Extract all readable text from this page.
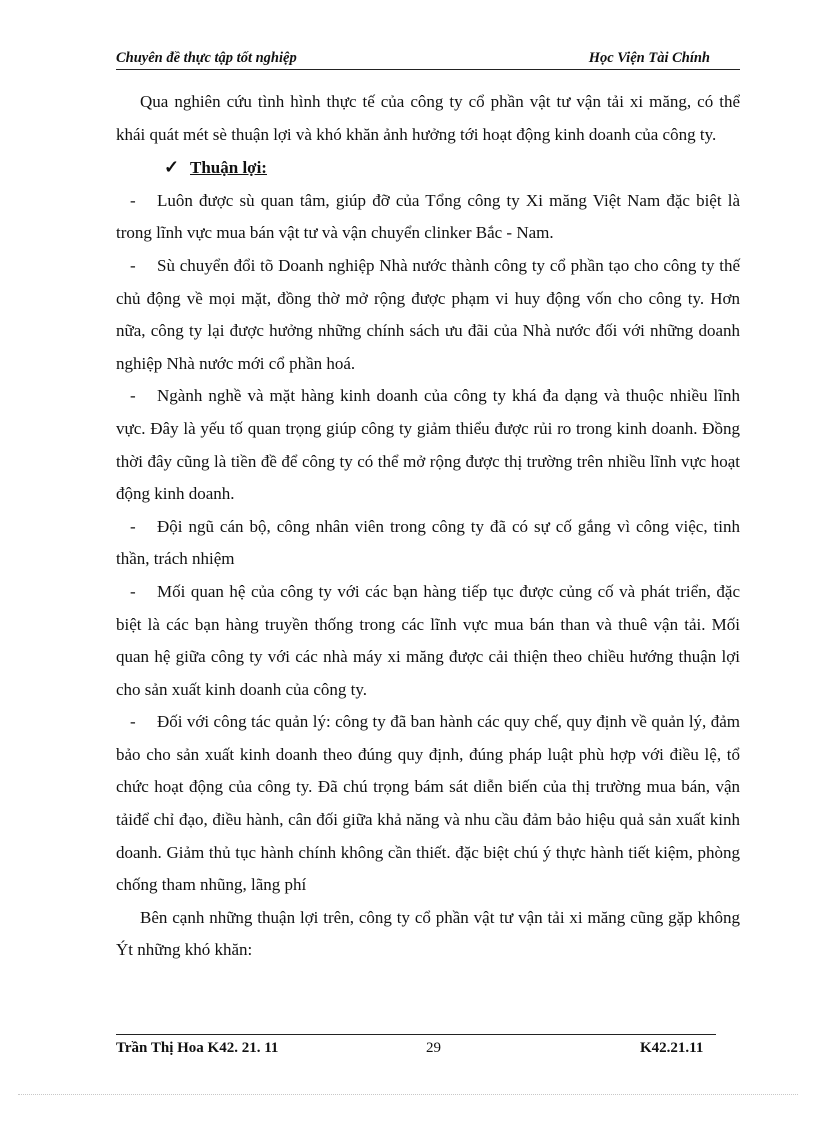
Chuyên đề thực tập tốt nghiệp	Học Viện Tài Chính

Qua nghiên cứu tình hình thực tế của công ty cổ phần vật tư vận tải xi măng, có thể khái quát mét sè thuận lợi và khó khăn ảnh hưởng tới hoạt động kinh doanh của công ty.

✓ Thuận lợi:

- Luôn được sù quan tâm, giúp đỡ của Tổng công ty Xi măng Việt Nam đặc biệt là trong lĩnh vực mua bán vật tư và vận chuyển clinker Bắc - Nam.

- Sù chuyển đổi tõ Doanh nghiệp Nhà nước thành công ty cổ phần tạo cho công ty thế chủ động về mọi mặt, đồng thờ mở rộng được phạm vi huy động vốn cho công ty. Hơn nữa, công ty lại được hưởng những chính sách ưu đãi của Nhà nước đối với những doanh nghiệp Nhà nước mới cổ phần hoá.

- Ngành nghề và mặt hàng kinh doanh của công ty khá đa dạng và thuộc nhiều lĩnh vực. Đây là yếu tố quan trọng giúp công ty giảm thiểu được rủi ro trong kinh doanh. Đồng thời đây cũng là tiền đề để công ty có thể mở rộng được thị trường trên nhiều lĩnh vực hoạt động kinh doanh.

- Đội ngũ cán bộ, công nhân viên trong công ty đã có sự cố gắng vì công việc, tinh thần, trách nhiệm

- Mối quan hệ của công ty với các bạn hàng tiếp tục được củng cố và phát triển, đặc biệt là các bạn hàng truyền thống trong các lĩnh vực mua bán than và thuê vận tải. Mối quan hệ giữa công ty với các nhà máy xi măng được cải thiện theo chiều hướng thuận lợi cho sản xuất kinh doanh của công ty.

- Đối với công tác quản lý: công ty đã ban hành các quy chế, quy định về quản lý, đảm bảo cho sản xuất kinh doanh theo đúng quy định, đúng pháp luật phù hợp với điều lệ, tổ chức hoạt động của công ty. Đã chú trọng bám sát diễn biến của thị trường mua bán, vận tảiđể chỉ đạo, điều hành, cân đối giữa khả năng và nhu cầu đảm bảo hiệu quả sản xuất kinh doanh. Giảm thủ tục hành chính không cần thiết. đặc biệt chú ý thực hành tiết kiệm, phòng chống tham nhũng, lãng phí

Bên cạnh những thuận lợi trên, công ty cổ phần vật tư vận tải xi măng cũng gặp không Ýt những khó khăn:

Trần Thị Hoa K42. 21. 11	29	K42.21.11
